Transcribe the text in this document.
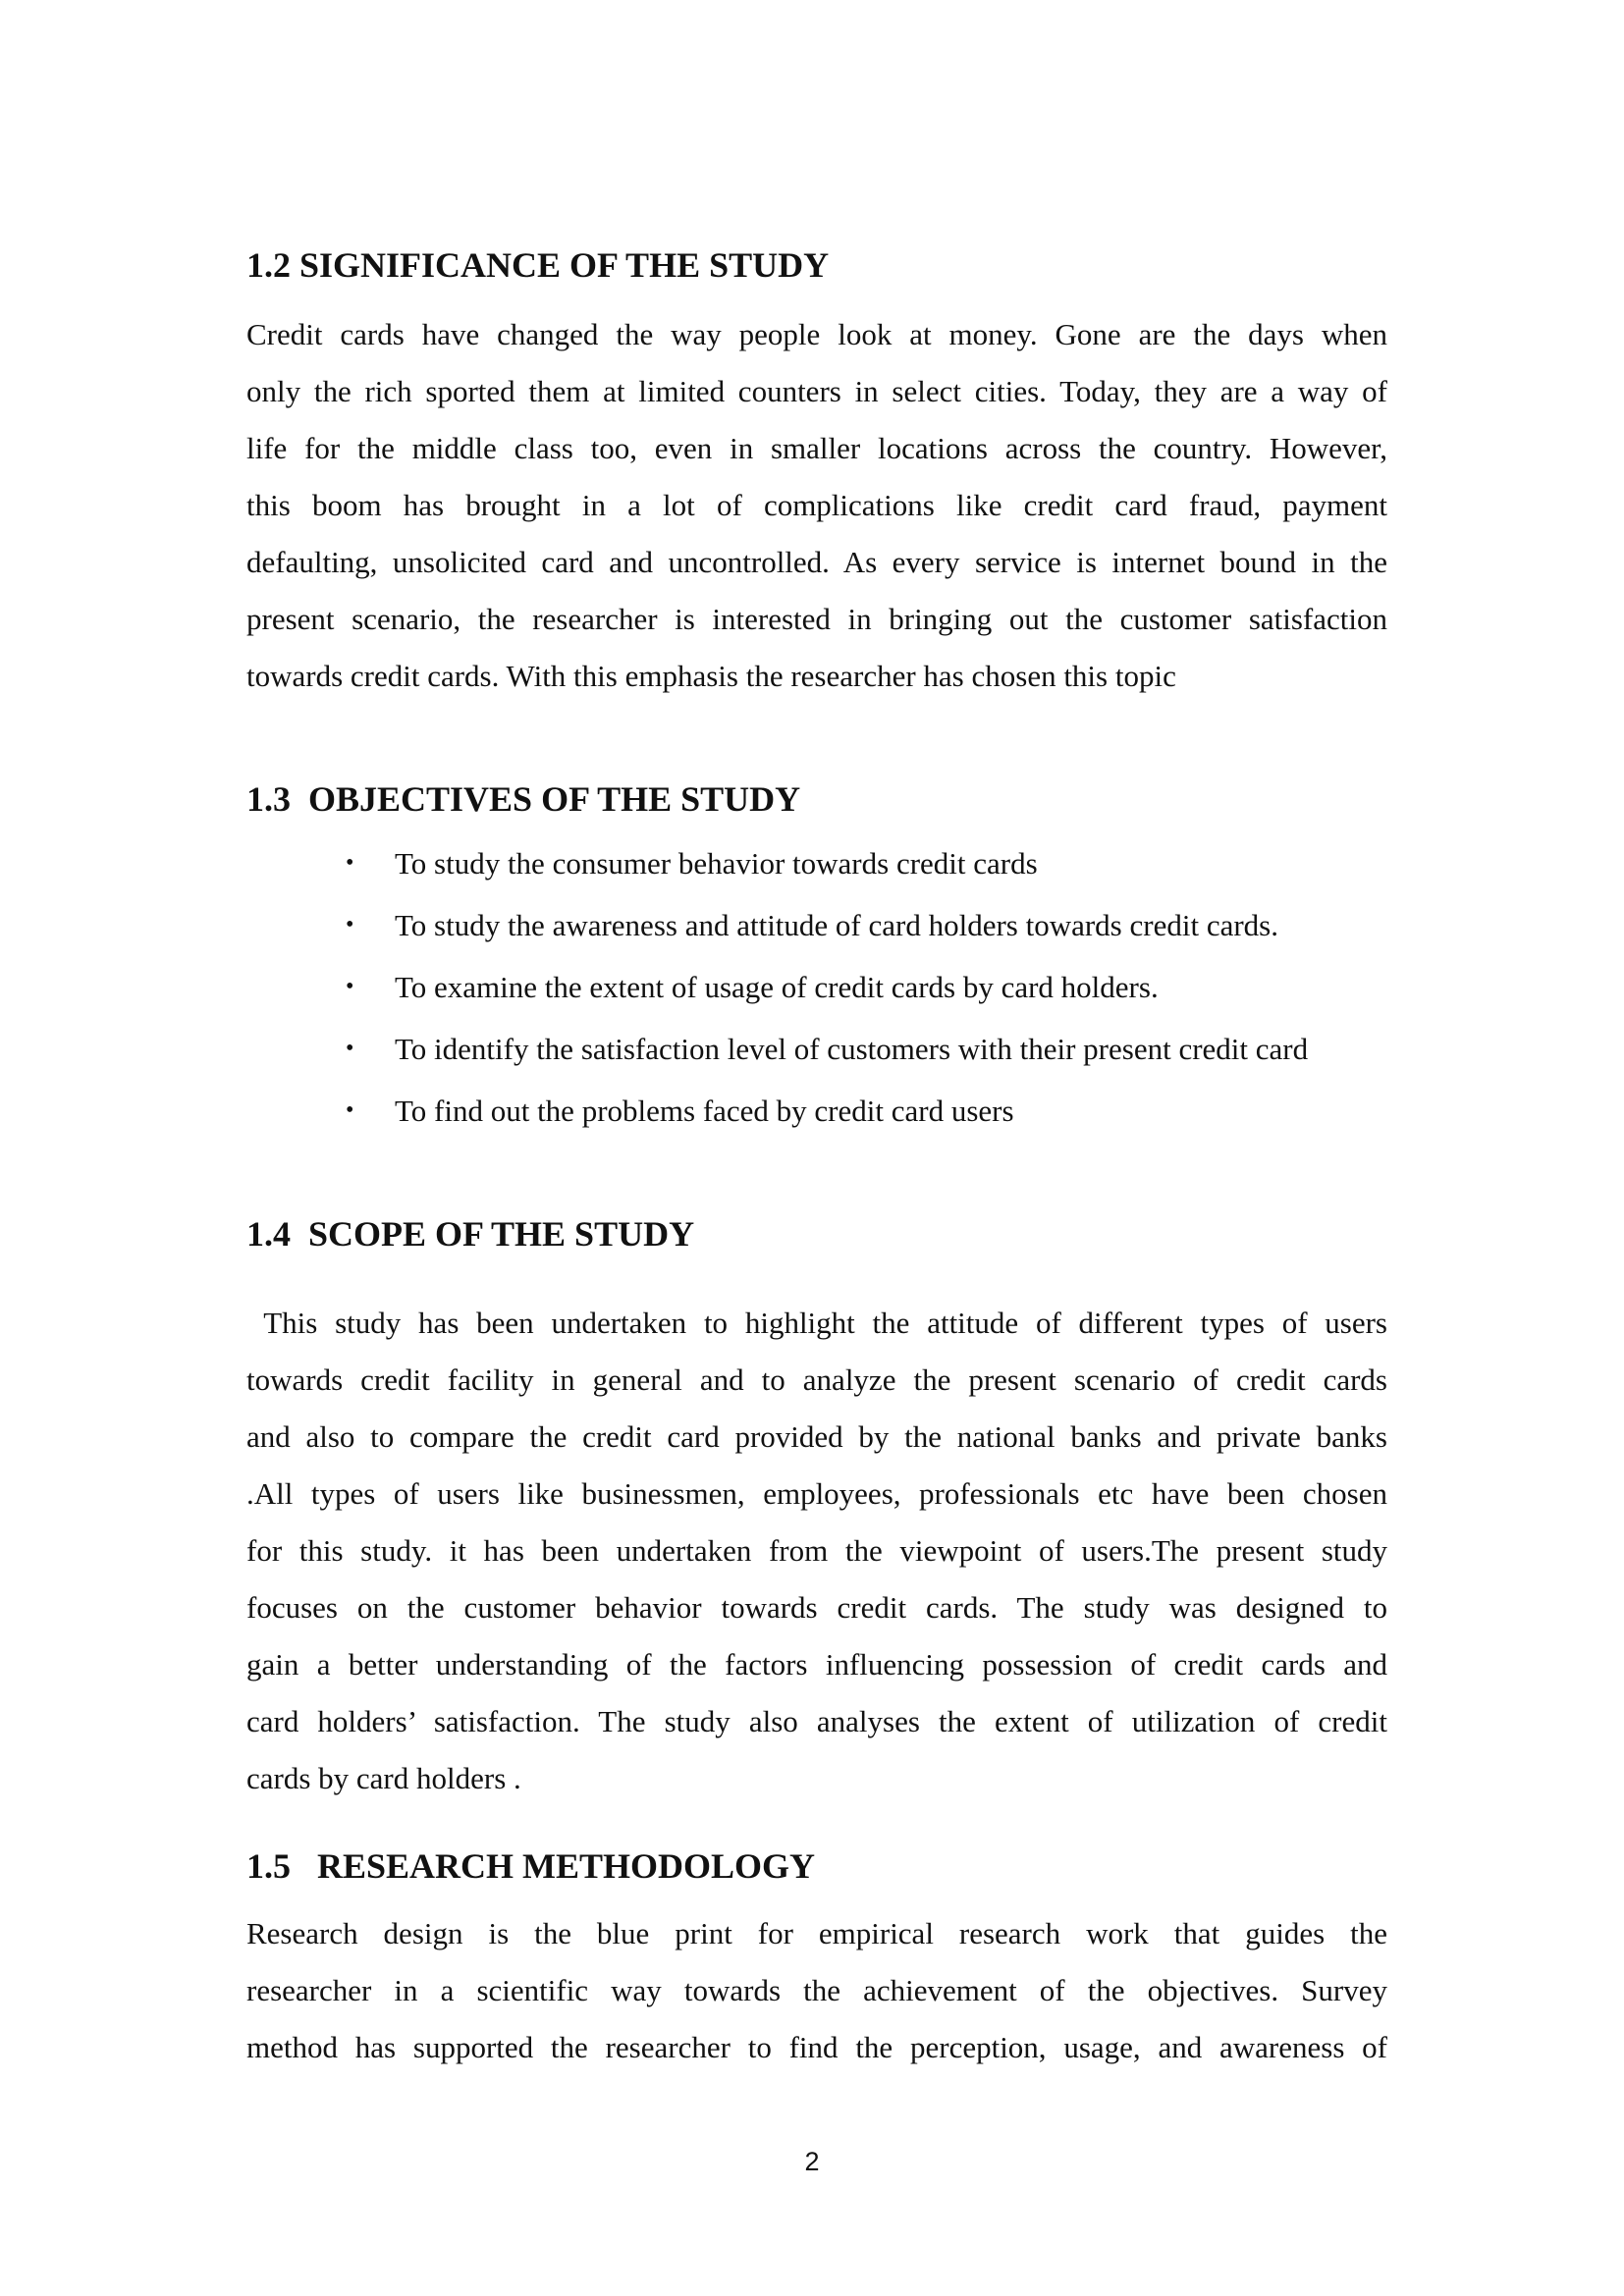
1.2 SIGNIFICANCE OF THE STUDY

Credit cards have changed the way people look at money. Gone are the days when
only the rich sported them at limited counters in select cities. Today, they are a way of
life for the middle class too, even in smaller locations across the country. However,
this boom has brought in a lot of complications like credit card fraud, payment
defaulting, unsolicited card and uncontrolled. As every service is internet bound in the
present scenario, the researcher is interested in bringing out the customer satisfaction
towards credit cards. With this emphasis the researcher has chosen this topic

1.3  OBJECTIVES OF THE STUDY
• To study the consumer behavior towards credit cards
• To study the awareness and attitude of card holders towards credit cards.
• To examine the extent of usage of credit cards by card holders.
• To identify the satisfaction level of customers with their present credit card
• To find out the problems faced by credit card users
1.4  SCOPE OF THE STUDY

This study has been undertaken to highlight the attitude of different types of users
towards credit facility in general and to analyze the present scenario of credit cards
and also to compare the credit card provided by the national banks and private banks
.All types of users like businessmen, employees, professionals etc have been chosen
for this study. it has been undertaken from the viewpoint of users.The present study
focuses on the customer behavior towards credit cards. The study was designed to
gain a better understanding of the factors influencing possession of credit cards and
card holders’ satisfaction. The study also analyses the extent of utilization of credit
cards by card holders .

1.5   RESEARCH METHODOLOGY

Research design is the blue print for empirical research work that guides the
researcher in a scientific way towards the achievement of the objectives. Survey
method has supported the researcher to find the perception, usage, and awareness of

2
